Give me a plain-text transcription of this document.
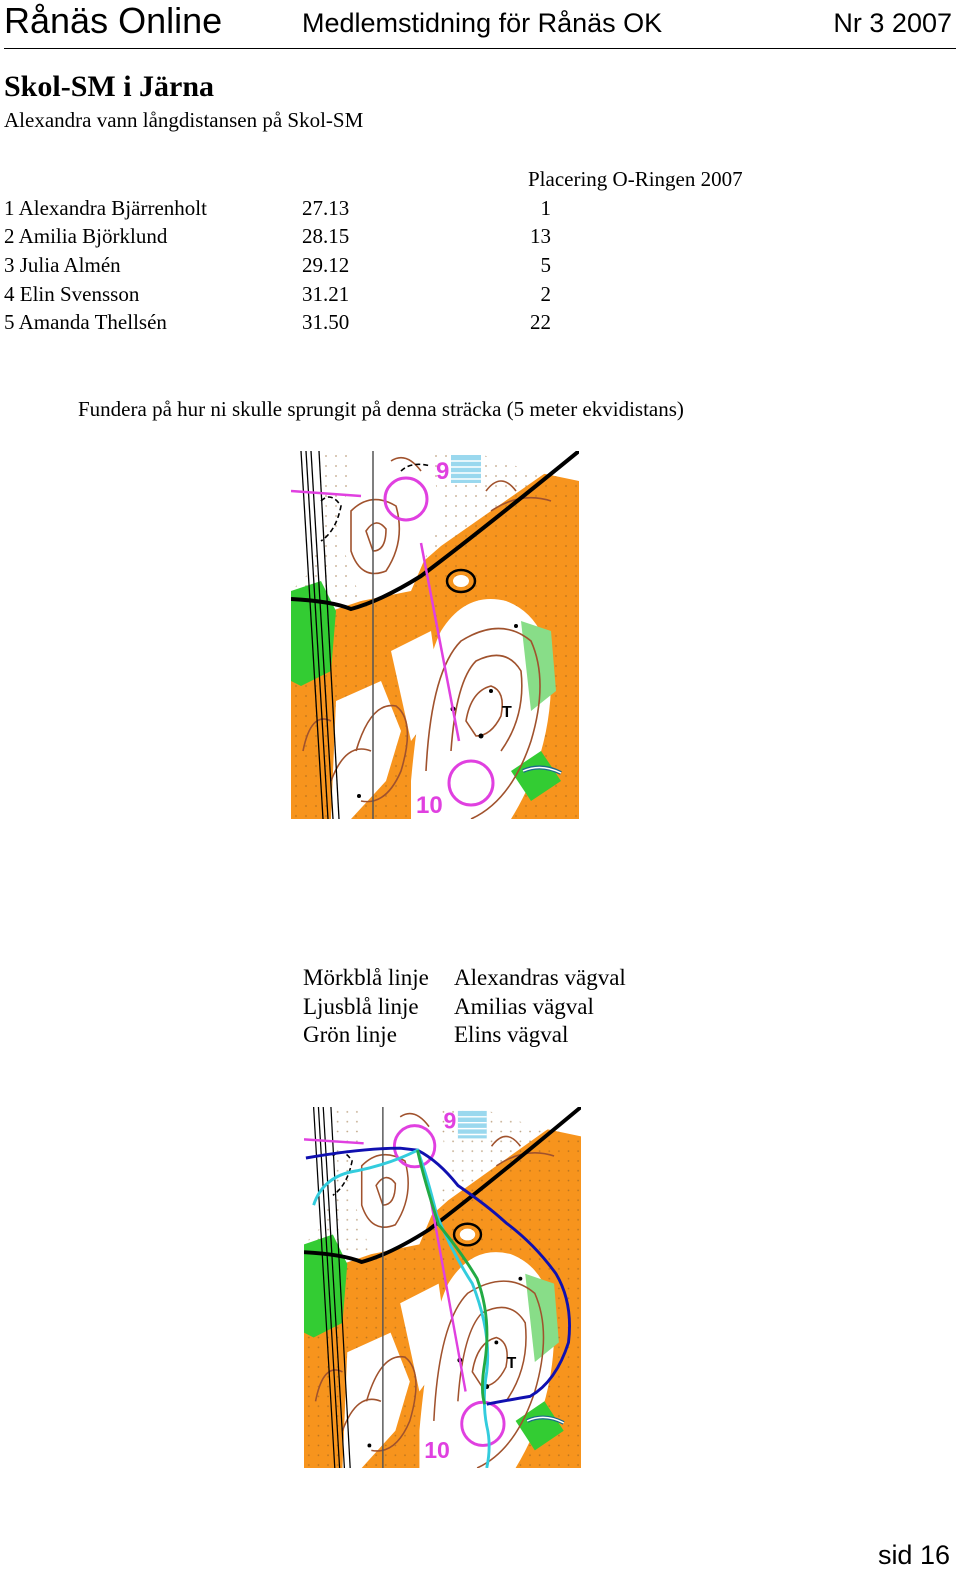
Rånäs Online	Medlemstidning för Rånäs OK	Nr 3 2007
Skol-SM i Järna
Alexandra vann långdistansen på Skol-SM
Placering O-Ringen 2007
1 Alexandra Bjärrenholt	27.13	1
2 Amilia Björklund	28.15	13
3 Julia Almén	29.12	5
4 Elin Svensson	31.21	2
5 Amanda Thellsén	31.50	22
Fundera på hur ni skulle sprungit på denna sträcka (5 meter ekvidistans)
9
10
T
Mörkblå linje Alexandras vägval
Ljusblå linje Amilias vägval
Grön linje Elins vägval
9
10
T
sid 16
